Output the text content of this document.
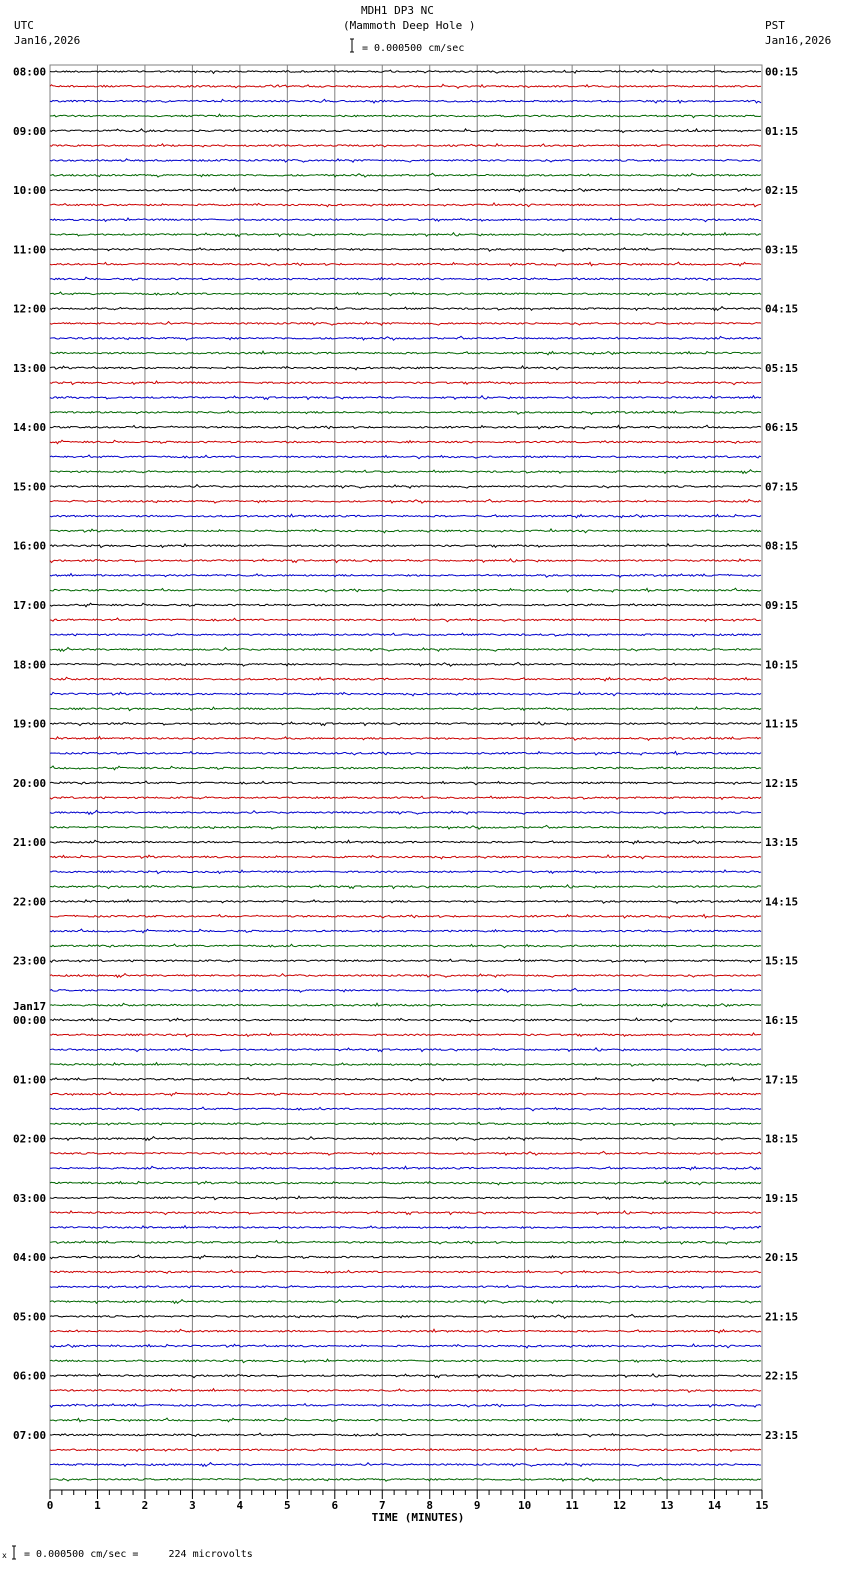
MDH1 DP3 NC
(Mammoth Deep Hole )
UTC
Jan16,2026
PST
Jan16,2026
= 0.000500 cm/sec
x = 0.000500 cm/sec =     224 microvolts
0	1	2	3	4	5	6	7	8	9	10	11	12	13	14	15
TIME (MINUTES)
08:00
09:00
10:00
11:00
12:00
13:00
14:00
15:00
16:00
17:00
18:00
19:00
20:00
21:00
22:00
23:00
00:00
Jan17
01:00
02:00
03:00
04:00
05:00
06:00
07:00
00:15
01:15
02:15
03:15
04:15
05:15
06:15
07:15
08:15
09:15
10:15
11:15
12:15
13:15
14:15
15:15
16:15
17:15
18:15
19:15
20:15
21:15
22:15
23:15
